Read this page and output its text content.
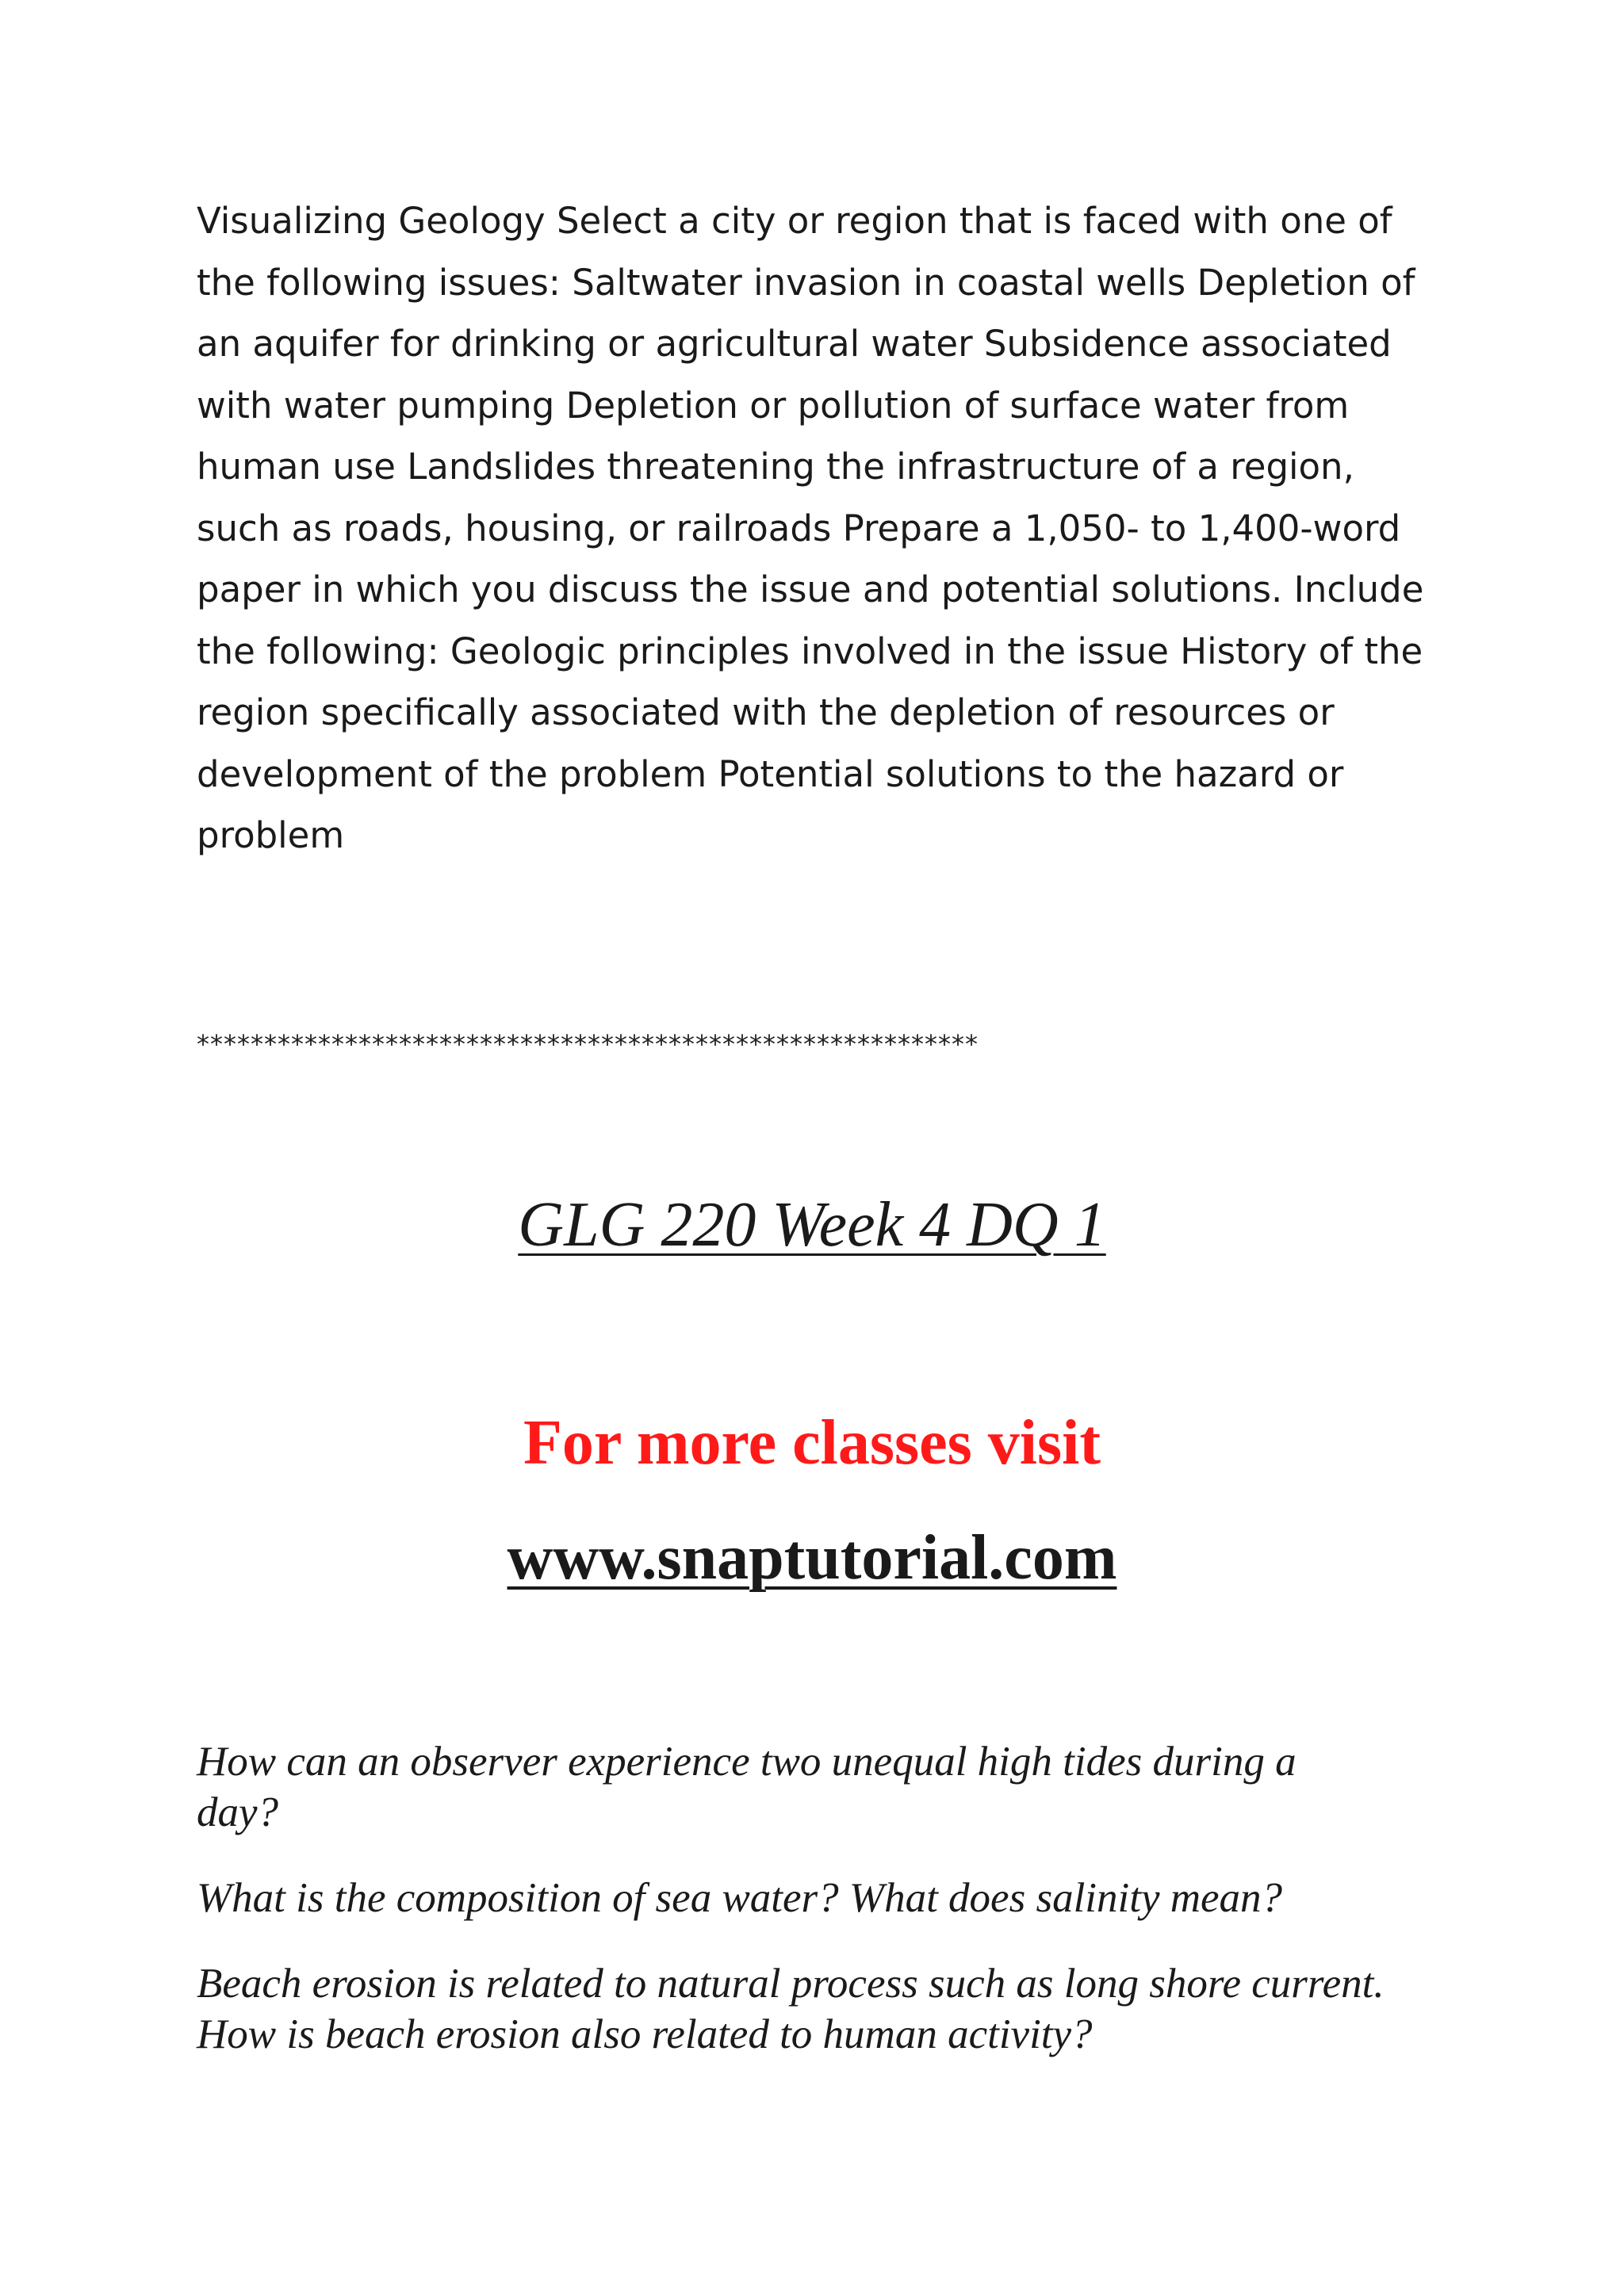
Visualizing Geology Select a city or region that is faced with one of the following issues: Saltwater invasion in coastal wells Depletion of an aquifer for drinking or agricultural water Subsidence associated with water pumping Depletion or pollution of surface water from human use Landslides threatening the infrastructure of a region, such as roads, housing, or railroads Prepare a 1,050- to 1,400-word paper in which you discuss the issue and potential solutions. Include the following: Geologic principles involved in the issue History of the region specifically associated with the depletion of resources or development of the problem Potential solutions to the hazard or problem

**********************************************************
GLG 220 Week 4 DQ 1
For more classes visit
www.snaptutorial.com
How can an observer experience two unequal high tides during a day?
What is the composition of sea water? What does salinity mean?
Beach erosion is related to natural process such as long shore current. How is beach erosion also related to human activity?
